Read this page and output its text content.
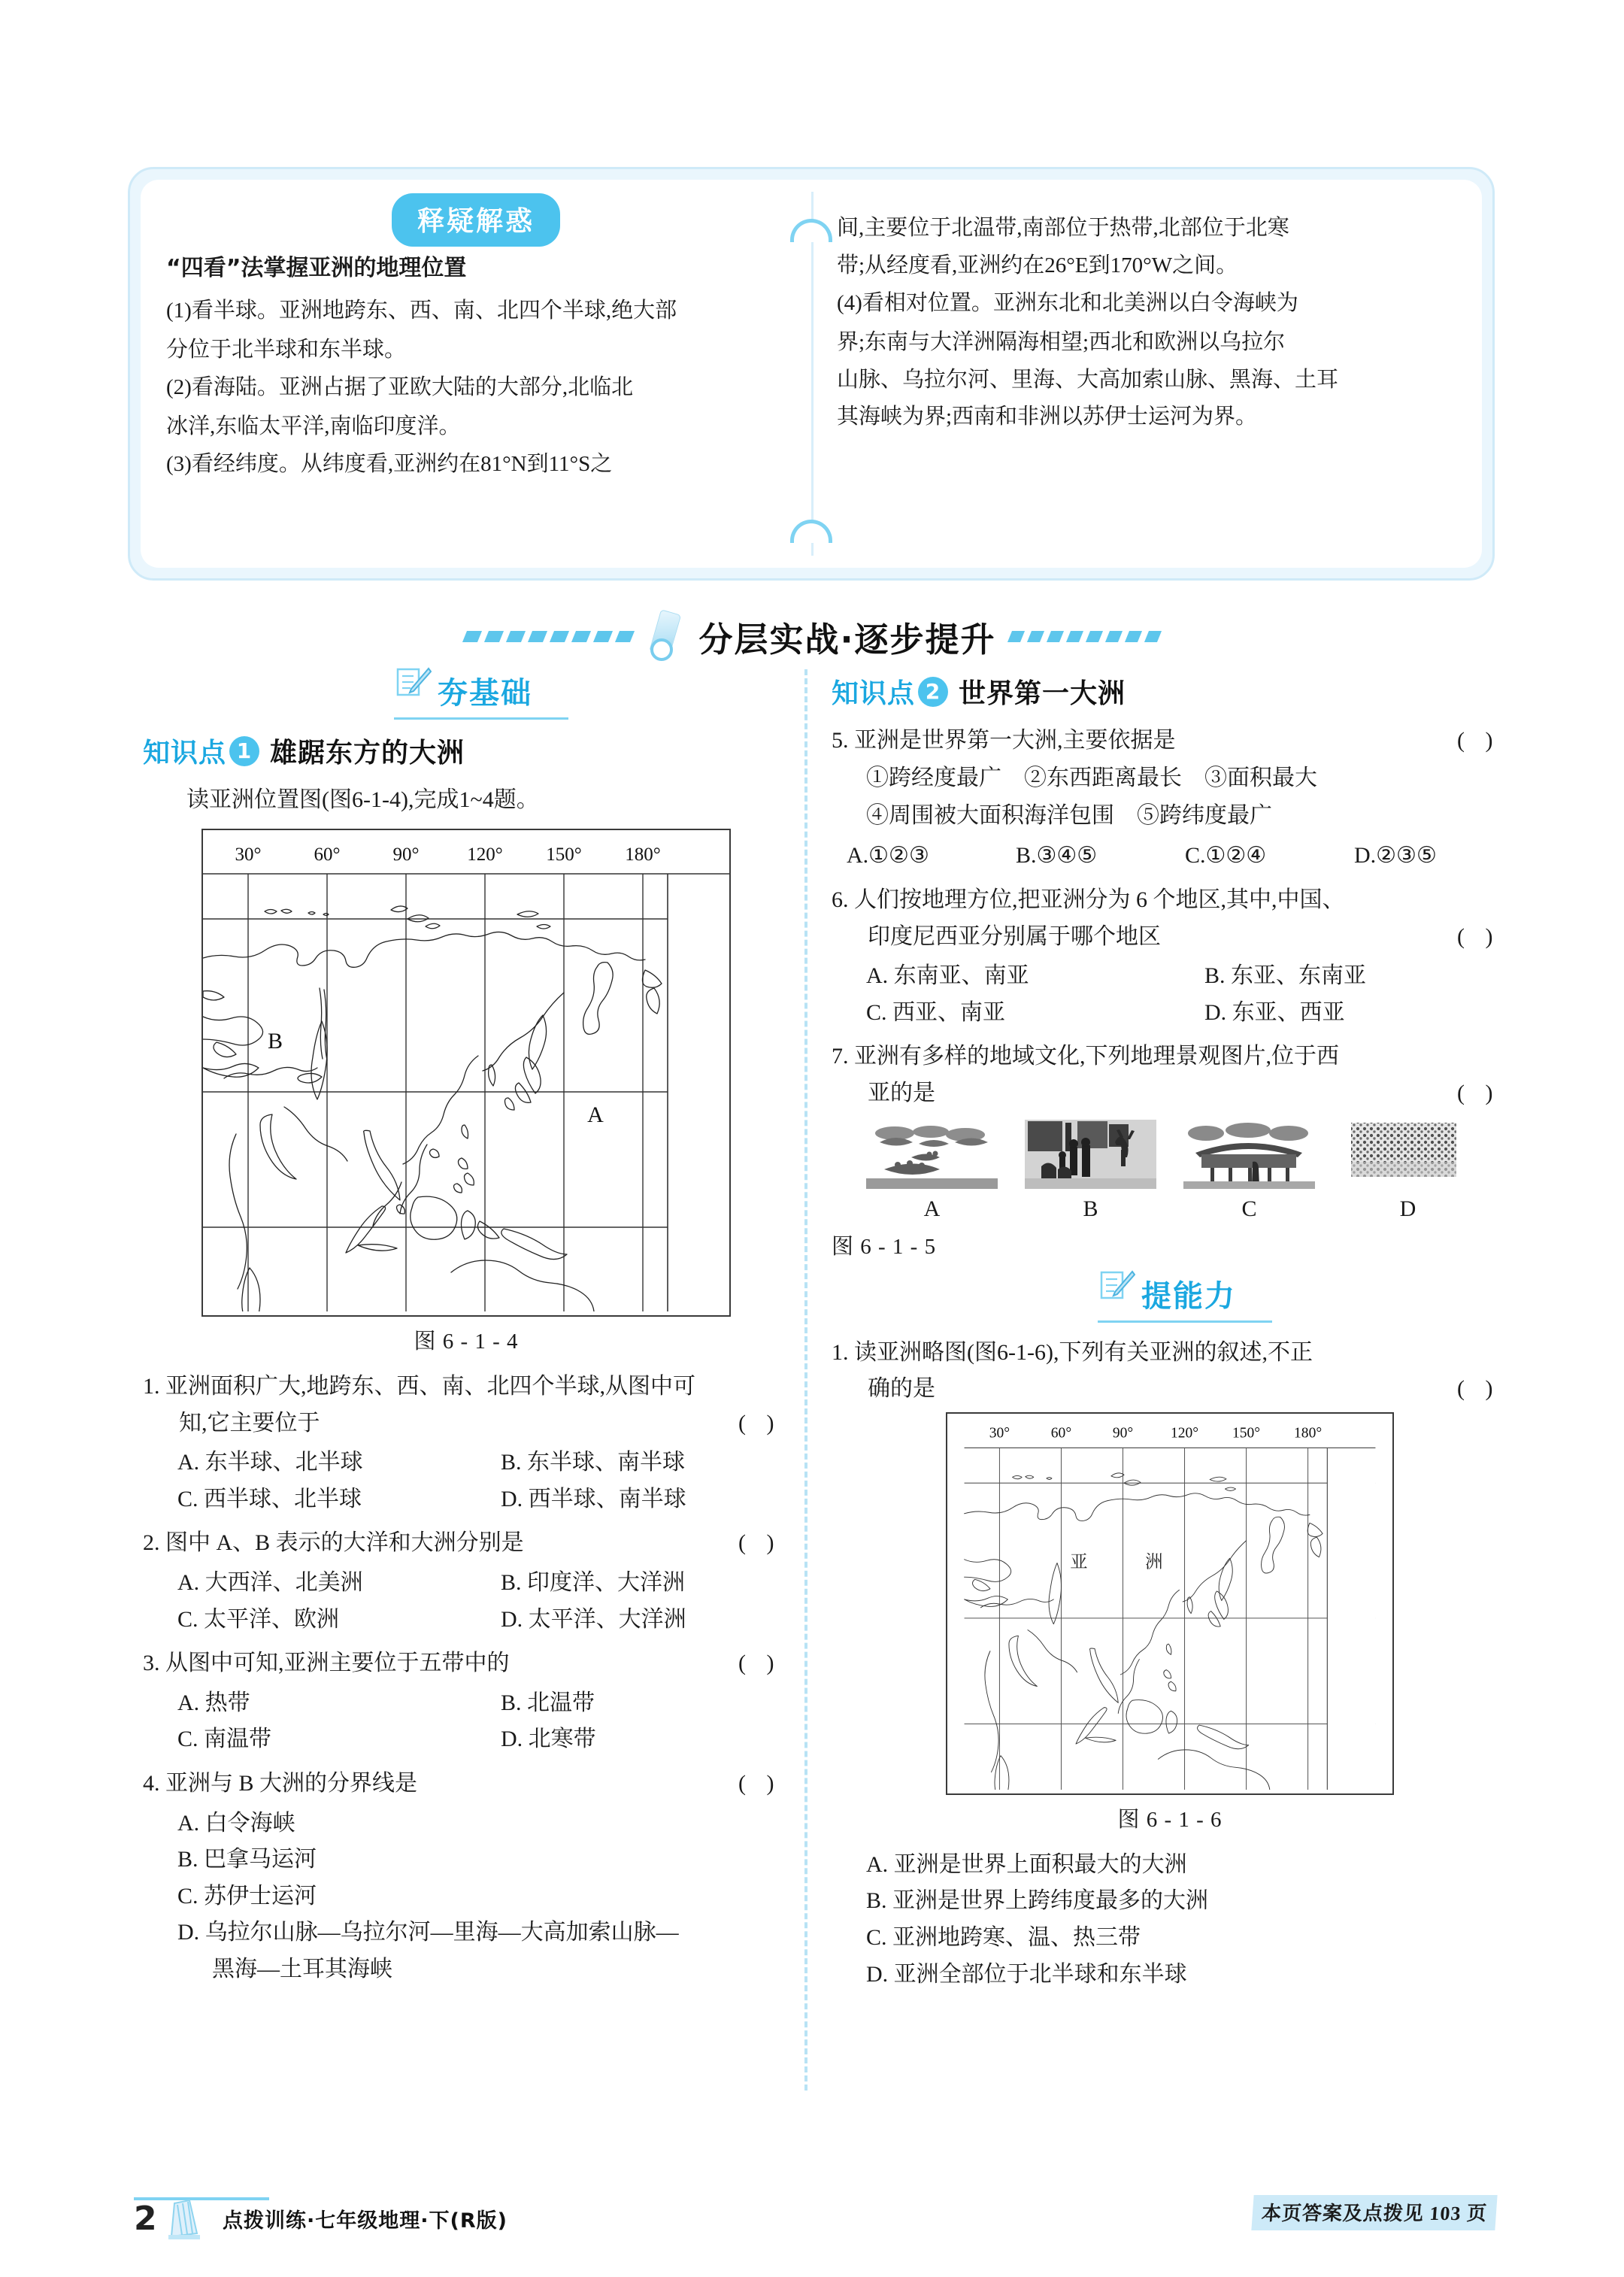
释疑解惑
“四看”法掌握亚洲的地理位置
(1)看半球。亚洲地跨东、西、南、北四个半球,绝大部
分位于北半球和东半球。
(2)看海陆。亚洲占据了亚欧大陆的大部分,北临北
冰洋,东临太平洋,南临印度洋。
(3)看经纬度。从纬度看,亚洲约在81°N到11°S之
间,主要位于北温带,南部位于热带,北部位于北寒
带;从经度看,亚洲约在26°E到170°W之间。
(4)看相对位置。亚洲东北和北美洲以白令海峡为
界;东南与大洋洲隔海相望;西北和欧洲以乌拉尔
山脉、乌拉尔河、里海、大高加索山脉、黑海、土耳
其海峡为界;西南和非洲以苏伊士运河为界。
分层实战·逐步提升
夯基础
知识点 1 雄踞东方的大洲
读亚洲位置图(图6-1-4),完成1~4题。
30°	60°	90°	120° 150° 180°
B
A
图 6 - 1 - 4
1. 亚洲面积广大,地跨东、西、南、北四个半球,从图中可
( )
知,它主要位于
A. 东半球、北半球	B. 东半球、南半球
C. 西半球、北半球	D. 西半球、南半球
( )
2. 图中 A、B 表示的大洋和大洲分别是
A. 大西洋、北美洲	B. 印度洋、大洋洲
C. 太平洋、欧洲	D. 太平洋、大洋洲
( )
3. 从图中可知,亚洲主要位于五带中的
A. 热带	B. 北温带
C. 南温带	D. 北寒带
( )
4. 亚洲与 B 大洲的分界线是
A. 白令海峡
B. 巴拿马运河
C. 苏伊士运河
D. 乌拉尔山脉—乌拉尔河—里海—大高加索山脉—
黑海—土耳其海峡
知识点 2 世界第一大洲
( )
5. 亚洲是世界第一大洲,主要依据是
①跨经度最广　②东西距离最长　③面积最大
④周围被大面积海洋包围　⑤跨纬度最广
A.①②③	B.③④⑤	C.①②④	D.②③⑤
6. 人们按地理方位,把亚洲分为 6 个地区,其中,中国、
( )
印度尼西亚分别属于哪个地区
A. 东南亚、南亚	B. 东亚、东南亚
C. 西亚、南亚	D. 东亚、西亚
7. 亚洲有多样的地域文化,下列地理景观图片,位于西
( )
亚的是
A	B	C	D
图 6 - 1 - 5
提能力
1. 读亚洲略图(图6-1-6),下列有关亚洲的叙述,不正
( )
确的是
30° 60° 90° 120° 150° 180°
亚　洲
图 6 - 1 - 6
A. 亚洲是世界上面积最大的大洲
B. 亚洲是世界上跨纬度最多的大洲
C. 亚洲地跨寒、温、热三带
D. 亚洲全部位于北半球和东半球
2	点拨训练·七年级地理·下(R版)	本页答案及点拨见 103 页
